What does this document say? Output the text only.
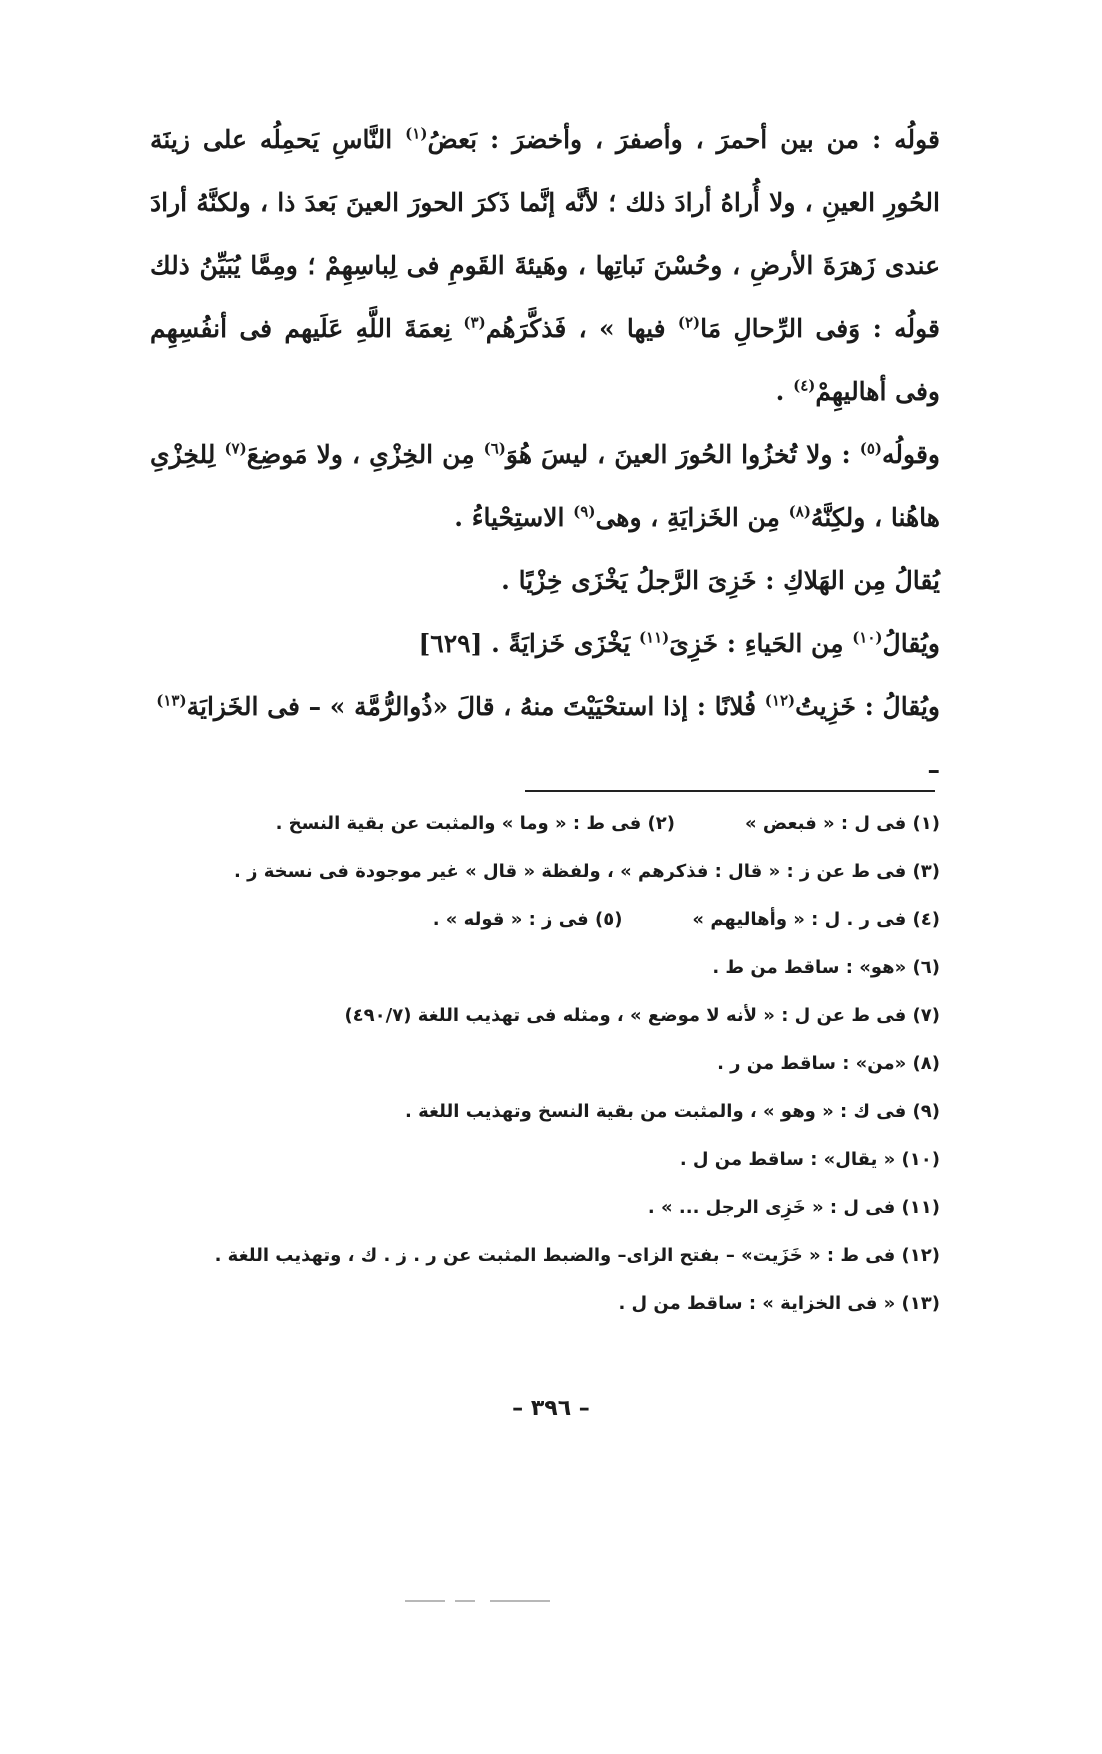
قولُه : من بين أحمرَ ، وأصفرَ ، وأخضرَ : بَعضُ$^{(١)}$ النَّاسِ يَحمِلُه على زينَة الحُورِ العينِ ، ولا أُراهُ أرادَ ذلك ؛ لأنَّه إنَّما ذَكرَ الحورَ العينَ بَعدَ ذا ، ولكنَّهُ أرادَ عندى زَهرَةَ الأرضِ ، وحُسْنَ نَباتِها ، وهَيئةَ القَومِ فى لِباسِهِمْ ؛ ومِمَّا يُبَيِّنُ ذلك قولُه : وَفى الرِّحالِ مَا$^{(٢)}$ فيها » ، فَذكَّرَهُم$^{(٣)}$ نِعمَةَ اللَّهِ عَلَيهم فى أنفُسِهِم وفى أهاليهِمْ$^{(٤)}$ .

وقولُه$^{(٥)}$ : ولا تُخزُوا الحُورَ العينَ ، ليسَ هُوَ$^{(٦)}$ مِن الخِزْىِ ، ولا مَوضِعَ$^{(٧)}$ لِلخِزْىِ هاهُنا ، ولكِنَّهُ$^{(٨)}$ مِن الخَزايَةِ ، وهى$^{(٩)}$ الاستِحْياءُ .

يُقالُ مِن الهَلاكِ : خَزِىَ الرَّجلُ يَخْزَى خِزْيًا .

ويُقالُ$^{(١٠)}$ مِن الحَياءِ : خَزِىَ$^{(١١)}$ يَخْزَى خَزايَةً . [٦٢٩]

ويُقالُ : خَزِيتُ$^{(١٢)}$ فُلانًا : إذا استحْيَيْتَ منهُ ، قالَ «ذُوالرُّمَّة » – فى الخَزايَة$^{(١٣)}$ –

(١) فى ل : « فبعض »(٢) فى ط : « وما » والمثبت عن بقية النسخ .

(٣) فى ط عن ز : « قال : فذكرهم » ، ولفظة « قال » غير موجودة فى نسخة ز .

(٤) فى ر . ل : « وأهاليهم »(٥) فى ز : « قوله » .

(٦) «هو» : ساقط من ط .

(٧) فى ط عن ل : « لأنه لا موضع » ، ومثله فى تهذيب اللغة (٤٩٠/٧)

(٨) «من» : ساقط من ر .

(٩) فى ك : « وهو » ، والمثبت من بقية النسخ وتهذيب اللغة .

(١٠) « يقال» : ساقط من ل .

(١١) فى ل : « خَزِى الرجل ... » .

(١٢) فى ط : « خَزَيت» – بفتح الزاى– والضبط المثبت عن ر . ز . ك ، وتهذيب اللغة .

(١٣) « فى الخزاية » : ساقط من ل .

– ٣٩٦ –
